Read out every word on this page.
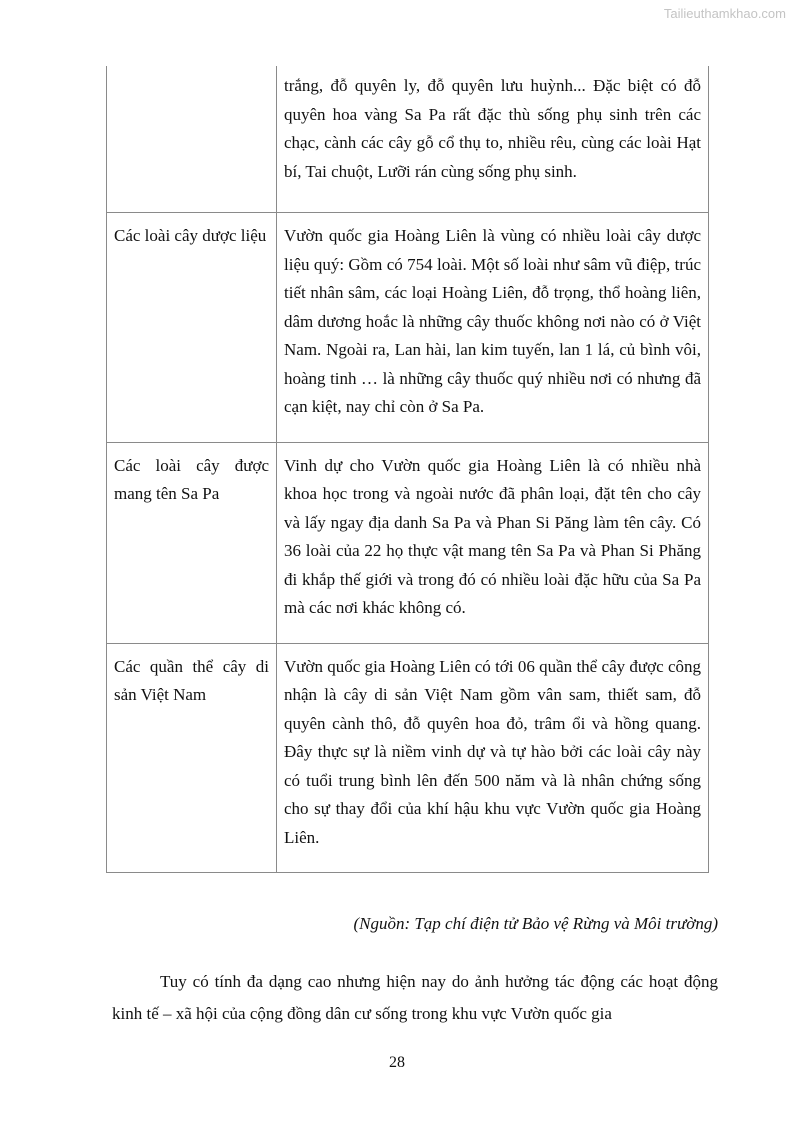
Tailieuthamkhao.com
	trắng, đỗ quyên ly, đỗ quyên lưu huỳnh... Đặc biệt có đỗ quyên hoa vàng Sa Pa rất đặc thù sống phụ sinh trên các chạc, cành các cây gỗ cổ thụ to, nhiều rêu, cùng các loài Hạt bí, Tai chuột, Lưỡi rán cùng sống phụ sinh.
Các loài cây dược liệu	Vườn quốc gia Hoàng Liên là vùng có nhiều loài cây dược liệu quý: Gồm có 754 loài. Một số loài như sâm vũ điệp, trúc tiết nhân sâm, các loại Hoàng Liên, đỗ trọng, thổ hoàng liên, dâm dương hoắc là những cây thuốc không nơi nào có ở Việt Nam. Ngoài ra, Lan hài, lan kim tuyến, lan 1 lá, củ bình vôi, hoàng tinh … là những cây thuốc quý nhiều nơi có nhưng đã cạn kiệt, nay chỉ còn ở Sa Pa.
Các loài cây được mang tên Sa Pa	Vinh dự cho Vườn quốc gia Hoàng Liên là có nhiều nhà khoa học trong và ngoài nước đã phân loại, đặt tên cho cây và lấy ngay địa danh Sa Pa và Phan Si Păng làm tên cây. Có 36 loài của 22 họ thực vật mang tên Sa Pa và Phan Si Phăng đi khắp thế giới và trong đó có nhiều loài đặc hữu của Sa Pa mà các nơi khác không có.
Các quần thể cây di sản Việt Nam	Vườn quốc gia Hoàng Liên có tới 06 quần thể cây được công nhận là cây di sản Việt Nam gồm vân sam, thiết sam, đỗ quyên cành thô, đỗ quyên hoa đỏ, trâm ổi và hồng quang. Đây thực sự là niềm vinh dự và tự hào bởi các loài cây này có tuổi trung bình lên đến 500 năm và là nhân chứng sống cho sự thay đổi của khí hậu khu vực Vườn quốc gia Hoàng Liên.
(Nguồn: Tạp chí điện tử Bảo vệ Rừng và Môi trường)

Tuy có tính đa dạng cao nhưng hiện nay do ảnh hưởng tác động các hoạt động kinh tế – xã hội của cộng đồng dân cư sống trong khu vực Vườn quốc gia

28
